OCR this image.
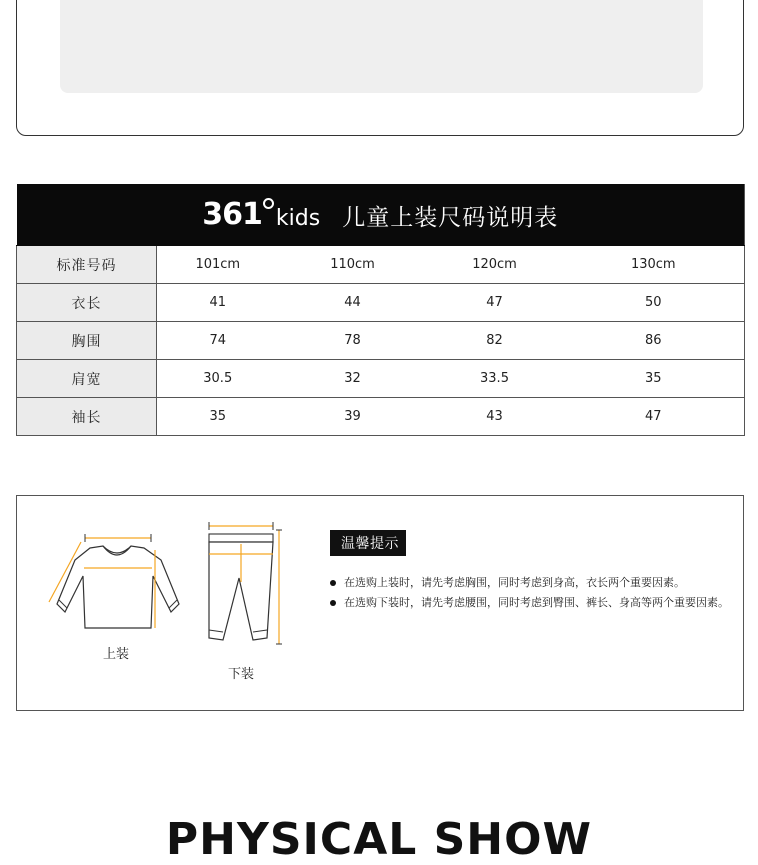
361 kids 儿童上装尺码说明表				

标准号码	101cm	110cm	120cm	130cm
衣长	41	44	47	50
胸围	74	78	82	86
肩宽	30.5	32	33.5	35
袖长	35	39	43	47
上装
下装
温馨提示
在选购上装时，请先考虑胸围，同时考虑到身高，衣长两个重要因素。
在选购下装时，请先考虑腰围，同时考虑到臀围、裤长、身高等两个重要因素。
PHYSICAL SHOW
